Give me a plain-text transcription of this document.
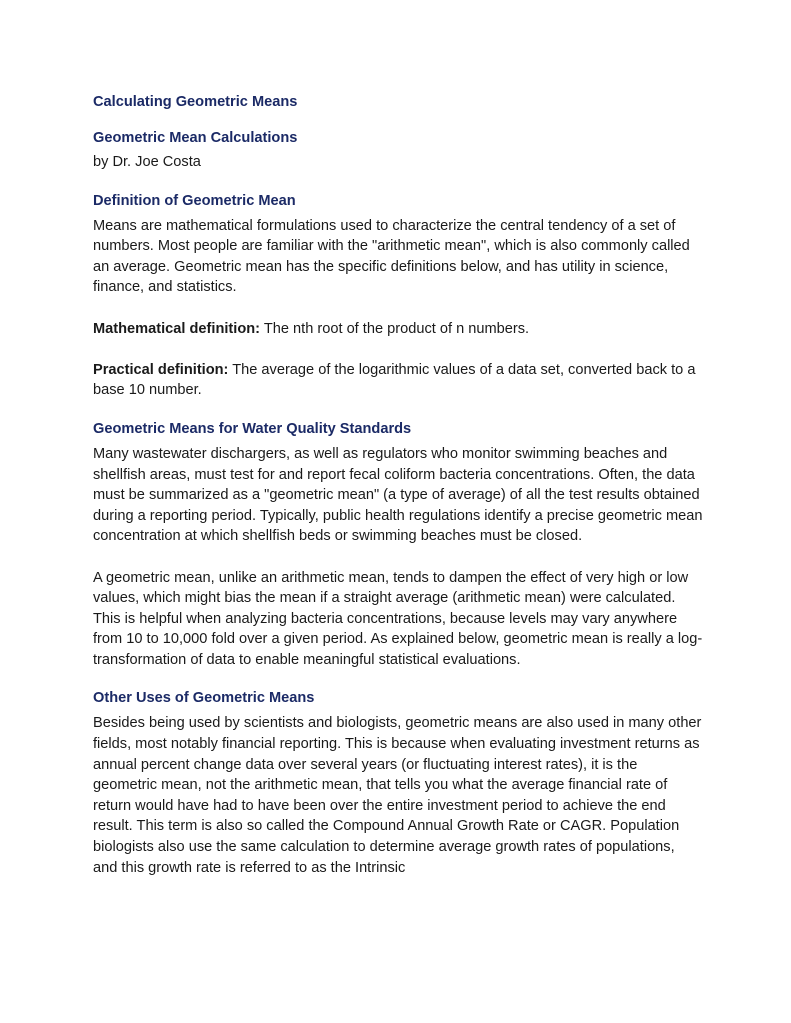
Calculating Geometric Means
Geometric Mean Calculations

by Dr. Joe Costa

Definition of Geometric Mean

Means are mathematical formulations used to characterize the central tendency of a set of numbers. Most people are familiar with the "arithmetic mean", which is also commonly called an average. Geometric mean has the specific definitions below, and has utility in science, finance, and statistics.

Mathematical definition: The nth root of the product of n numbers.

Practical definition: The average of the logarithmic values of a data set, converted back to a base 10 number.

Geometric Means for Water Quality Standards

Many wastewater dischargers, as well as regulators who monitor swimming beaches and shellfish areas, must test for and report fecal coliform bacteria concentrations. Often, the data must be summarized as a "geometric mean" (a type of average) of all the test results obtained during a reporting period. Typically, public health regulations identify a precise geometric mean concentration at which shellfish beds or swimming beaches must be closed.

A geometric mean, unlike an arithmetic mean, tends to dampen the effect of very high or low values, which might bias the mean if a straight average (arithmetic mean) were calculated. This is helpful when analyzing bacteria concentrations, because levels may vary anywhere from 10 to 10,000 fold over a given period. As explained below, geometric mean is really a log-transformation of data to enable meaningful statistical evaluations.

Other Uses of Geometric Means

Besides being used by scientists and biologists, geometric means are also used in many other fields, most notably financial reporting. This is because when evaluating investment returns as annual percent change data over several years (or fluctuating interest rates), it is the geometric mean, not the arithmetic mean, that tells you what the average financial rate of return would have had to have been over the entire investment period to achieve the end result. This term is also so called the Compound Annual Growth Rate or CAGR. Population biologists also use the same calculation to determine average growth rates of populations, and this growth rate is referred to as the Intrinsic
